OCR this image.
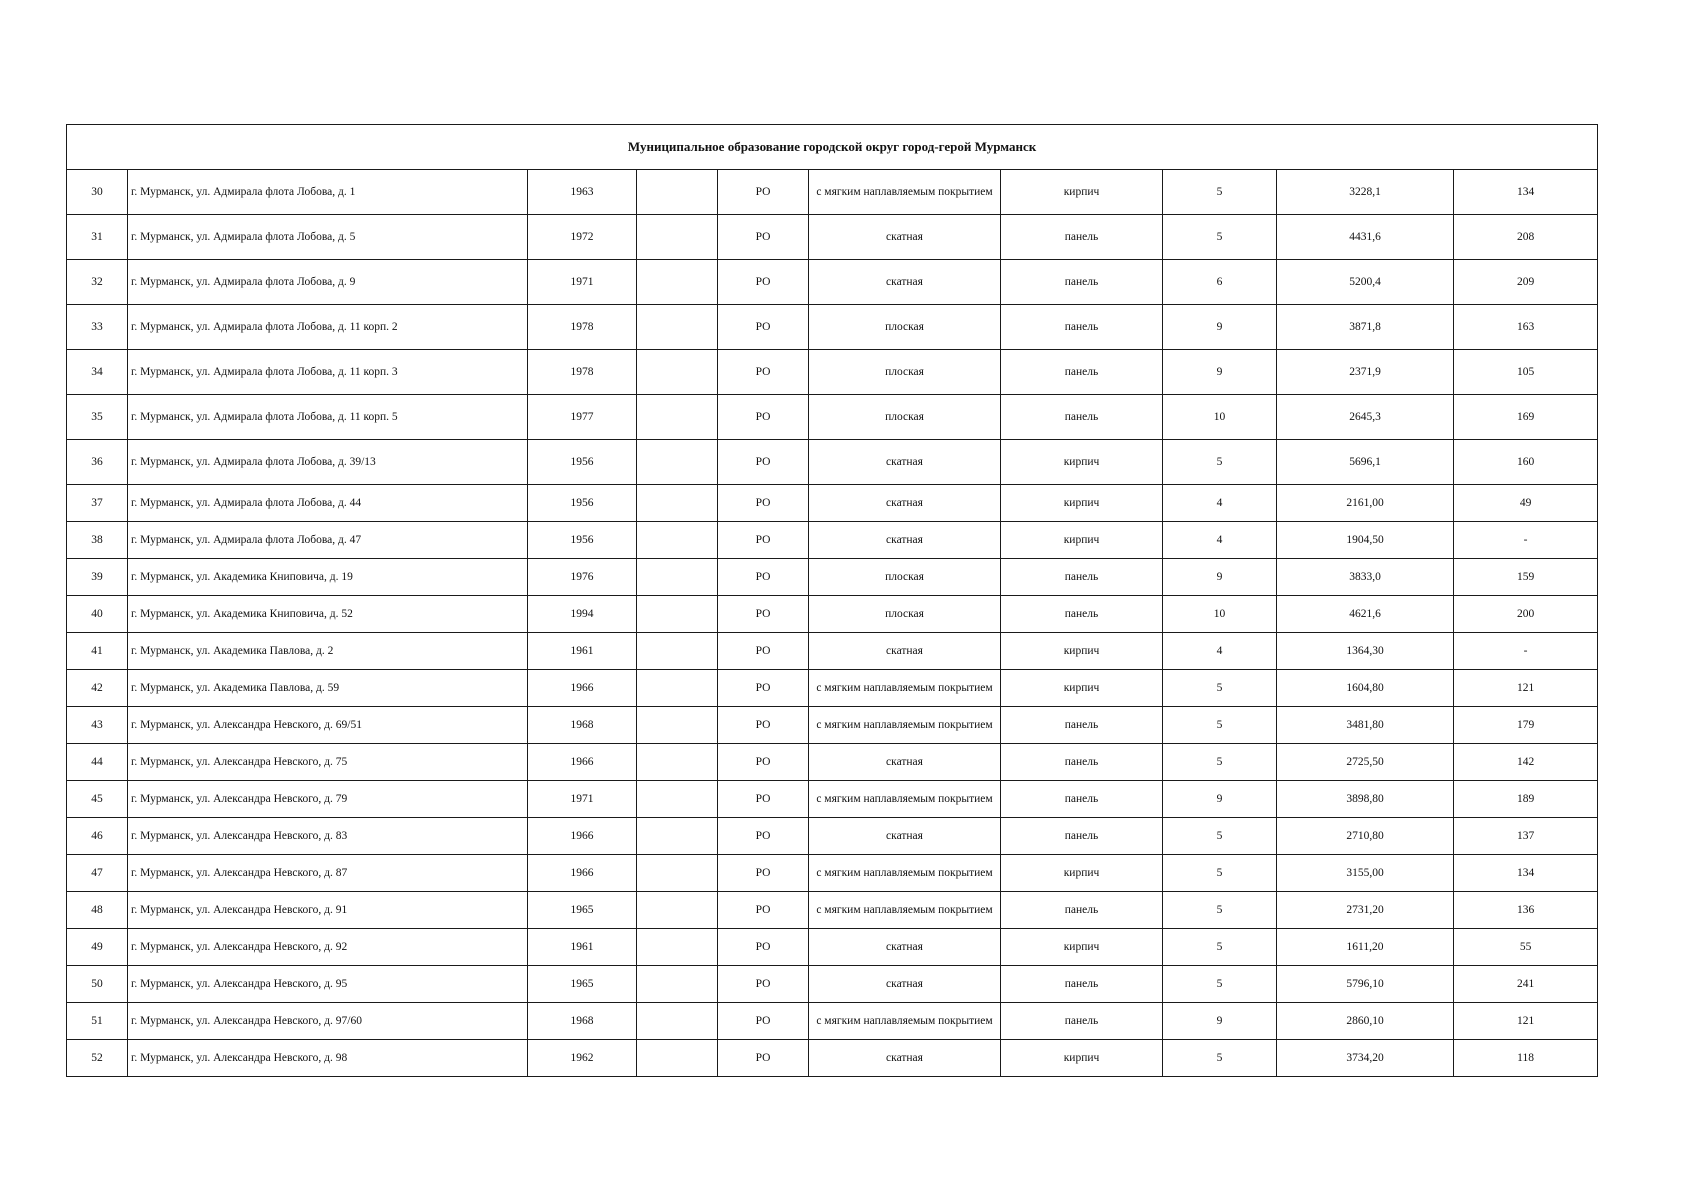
Муниципальное образование городской округ город-герой Мурманск									
30	г. Мурманск, ул. Адмирала флота Лобова, д. 1	1963		РО	с мягким наплавляемым покрытием	кирпич	5	3228,1	134
31	г. Мурманск, ул. Адмирала флота Лобова, д. 5	1972		РО	скатная	панель	5	4431,6	208
32	г. Мурманск, ул. Адмирала флота Лобова, д. 9	1971		РО	скатная	панель	6	5200,4	209
33	г. Мурманск, ул. Адмирала флота Лобова, д. 11 корп. 2	1978		РО	плоская	панель	9	3871,8	163
34	г. Мурманск, ул. Адмирала флота Лобова, д. 11 корп. 3	1978		РО	плоская	панель	9	2371,9	105
35	г. Мурманск, ул. Адмирала флота Лобова, д. 11 корп. 5	1977		РО	плоская	панель	10	2645,3	169
36	г. Мурманск, ул. Адмирала флота Лобова, д. 39/13	1956		РО	скатная	кирпич	5	5696,1	160
37	г. Мурманск, ул. Адмирала флота Лобова, д. 44	1956		РО	скатная	кирпич	4	2161,00	49
38	г. Мурманск, ул. Адмирала флота Лобова, д. 47	1956		РО	скатная	кирпич	4	1904,50	-
39	г. Мурманск, ул. Академика Книповича, д. 19	1976		РО	плоская	панель	9	3833,0	159
40	г. Мурманск, ул. Академика Книповича, д. 52	1994		РО	плоская	панель	10	4621,6	200
41	г. Мурманск, ул. Академика Павлова, д. 2	1961		РО	скатная	кирпич	4	1364,30	-
42	г. Мурманск, ул. Академика Павлова, д. 59	1966		РО	с мягким наплавляемым покрытием	кирпич	5	1604,80	121
43	г. Мурманск, ул. Александра Невского, д. 69/51	1968		РО	с мягким наплавляемым покрытием	панель	5	3481,80	179
44	г. Мурманск, ул. Александра Невского, д. 75	1966		РО	скатная	панель	5	2725,50	142
45	г. Мурманск, ул. Александра Невского, д. 79	1971		РО	с мягким наплавляемым покрытием	панель	9	3898,80	189
46	г. Мурманск, ул. Александра Невского, д. 83	1966		РО	скатная	панель	5	2710,80	137
47	г. Мурманск, ул. Александра Невского, д. 87	1966		РО	с мягким наплавляемым покрытием	кирпич	5	3155,00	134
48	г. Мурманск, ул. Александра Невского, д. 91	1965		РО	с мягким наплавляемым покрытием	панель	5	2731,20	136
49	г. Мурманск, ул. Александра Невского, д. 92	1961		РО	скатная	кирпич	5	1611,20	55
50	г. Мурманск, ул. Александра Невского, д. 95	1965		РО	скатная	панель	5	5796,10	241
51	г. Мурманск, ул. Александра Невского, д. 97/60	1968		РО	с мягким наплавляемым покрытием	панель	9	2860,10	121
52	г. Мурманск, ул. Александра Невского, д. 98	1962		РО	скатная	кирпич	5	3734,20	118
